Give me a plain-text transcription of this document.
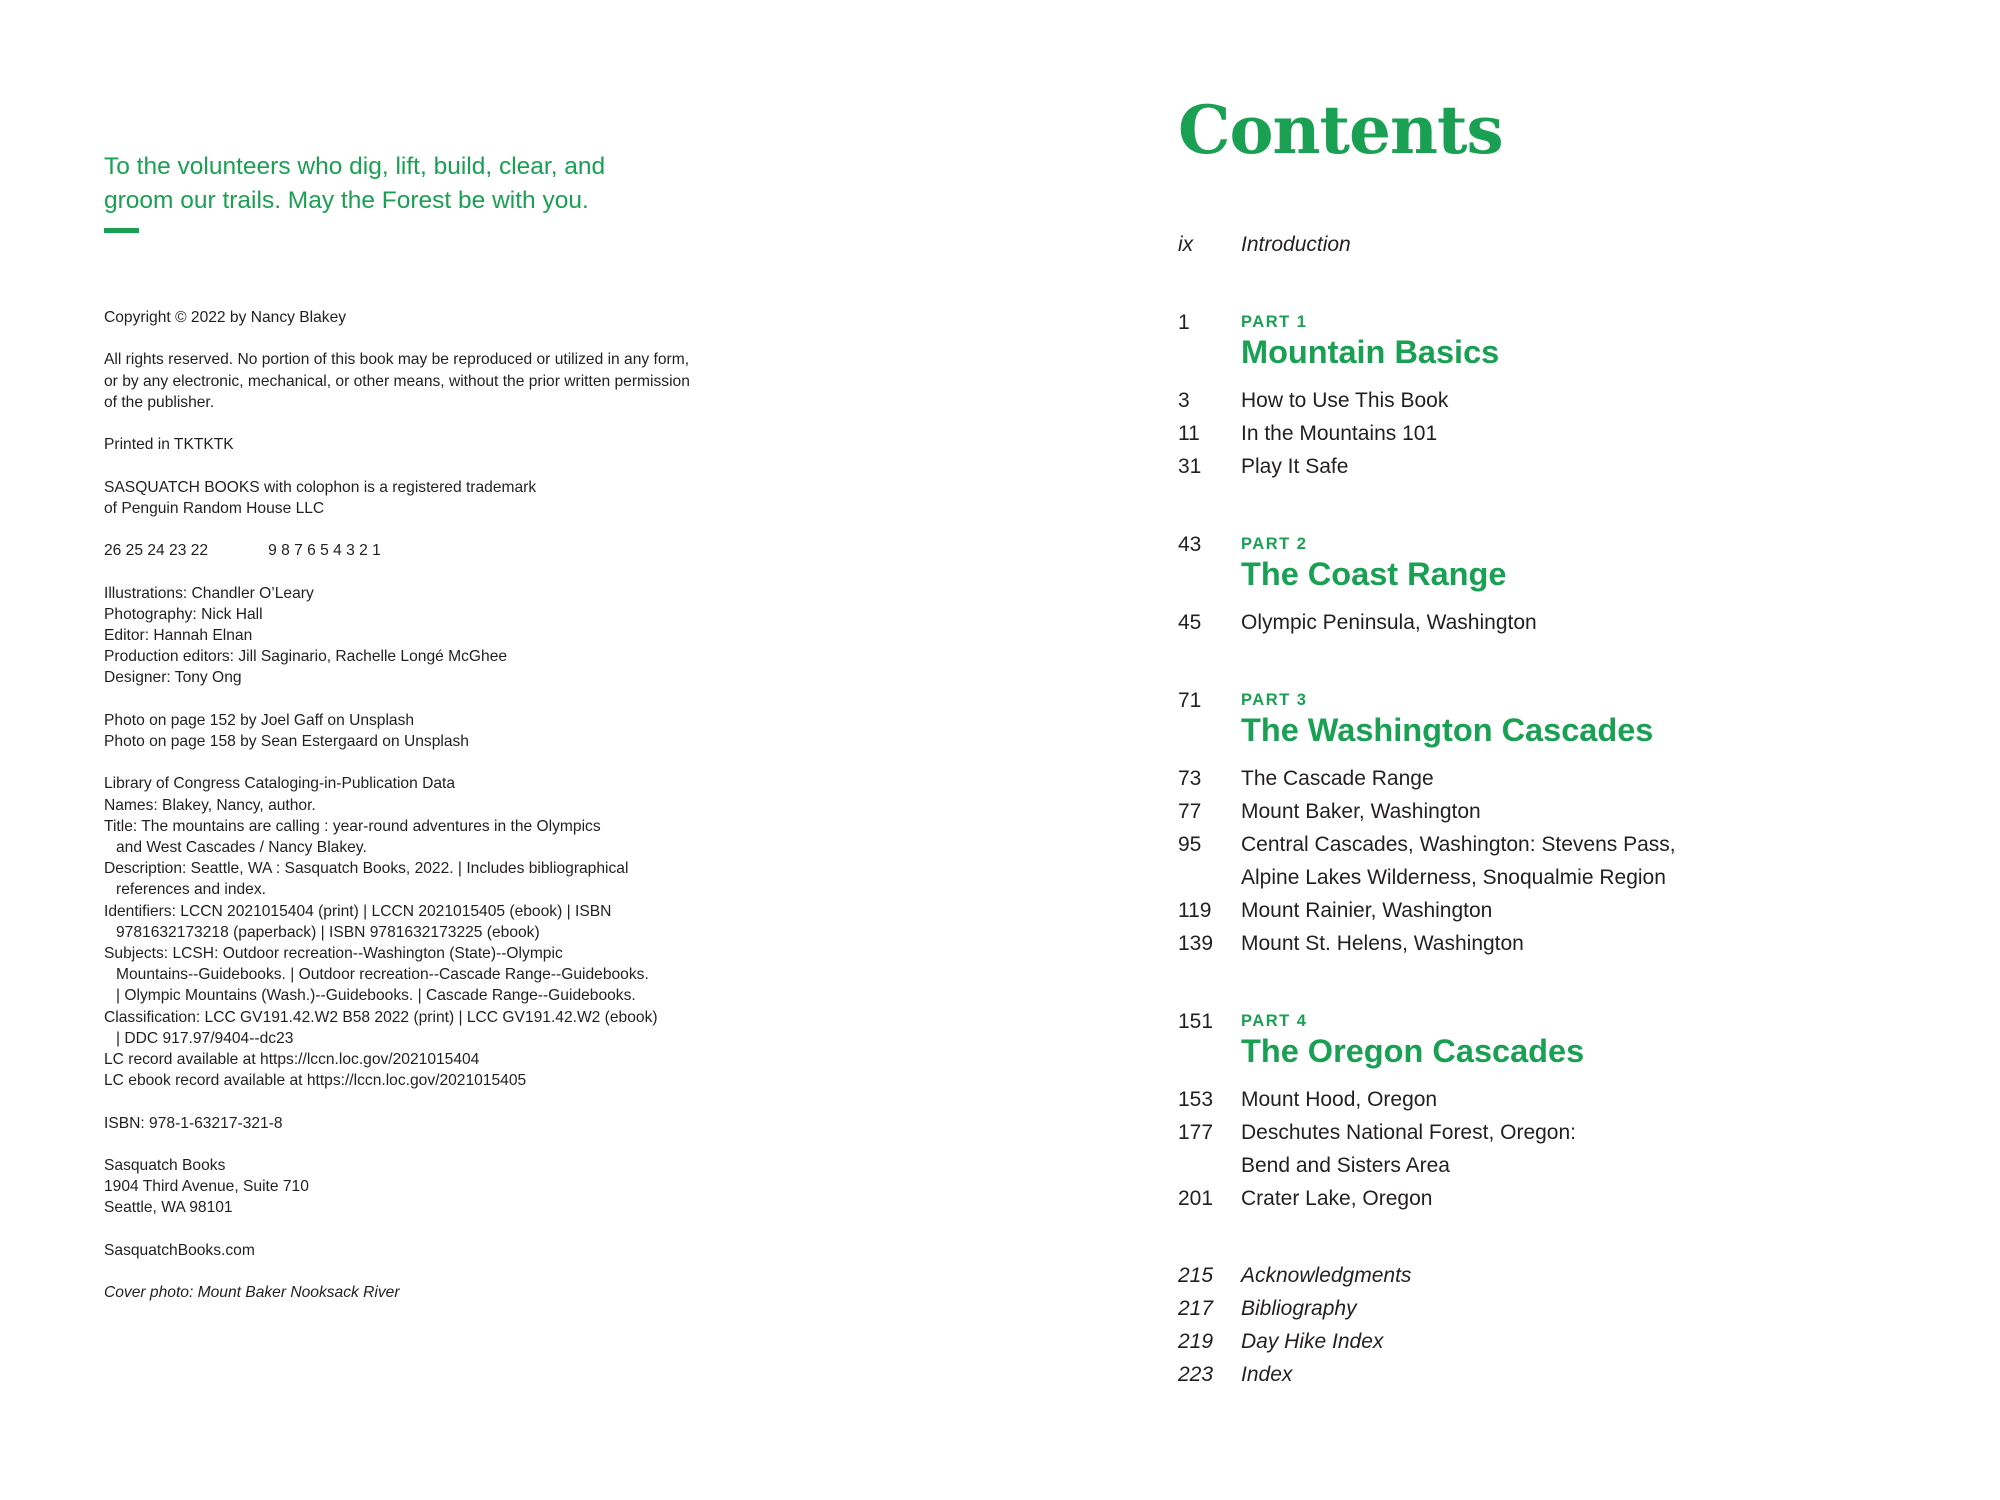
To the volunteers who dig, lift, build, clear, and
groom our trails. May the Forest be with you.
Copyright © 2022 by Nancy Blakey
All rights reserved. No portion of this book may be reproduced or utilized in any form,
or by any electronic, mechanical, or other means, without the prior written permission
of the publisher.
Printed in TKTKTK
SASQUATCH BOOKS with colophon is a registered trademark
of Penguin Random House LLC
26 25 24 23 22	9 8 7 6 5 4 3 2 1
Illustrations: Chandler O’Leary
Photography: Nick Hall
Editor: Hannah Elnan
Production editors: Jill Saginario, Rachelle Longé McGhee
Designer: Tony Ong
Photo on page 152 by Joel Gaff on Unsplash
Photo on page 158 by Sean Estergaard on Unsplash
Library of Congress Cataloging-in-Publication Data
Names: Blakey, Nancy, author.
Title: The mountains are calling : year-round adventures in the Olympics
and West Cascades / Nancy Blakey.
Description: Seattle, WA : Sasquatch Books, 2022. | Includes bibliographical
references and index.
Identifiers: LCCN 2021015404 (print) | LCCN 2021015405 (ebook) | ISBN
9781632173218 (paperback) | ISBN 9781632173225 (ebook)
Subjects: LCSH: Outdoor recreation--Washington (State)--Olympic
Mountains--Guidebooks. | Outdoor recreation--Cascade Range--Guidebooks.
| Olympic Mountains (Wash.)--Guidebooks. | Cascade Range--Guidebooks.
Classification: LCC GV191.42.W2 B58 2022 (print) | LCC GV191.42.W2 (ebook)
| DDC 917.97/9404--dc23
LC record available at https://lccn.loc.gov/2021015404
LC ebook record available at https://lccn.loc.gov/2021015405
ISBN: 978-1-63217-321-8
Sasquatch Books
1904 Third Avenue, Suite 710
Seattle, WA 98101
SasquatchBooks.com
Cover photo: Mount Baker Nooksack River
Contents
ix Introduction
1	PART 1
Mountain Basics
3 How to Use This Book
11 In the Mountains 101
31 Play It Safe
43 PART 2
The Coast Range
45 Olympic Peninsula, Washington
71 PART 3
The Washington Cascades
73 The Cascade Range
77 Mount Baker, Washington
95 Central Cascades, Washington: Stevens Pass,
Alpine Lakes Wilderness, Snoqualmie Region
119 Mount Rainier, Washington
139 Mount St. Helens, Washington
151 PART 4
The Oregon Cascades
153 Mount Hood, Oregon
177 Deschutes National Forest, Oregon:
Bend and Sisters Area
201 Crater Lake, Oregon
215 Acknowledgments
217 Bibliography
219 Day Hike Index
223 Index
